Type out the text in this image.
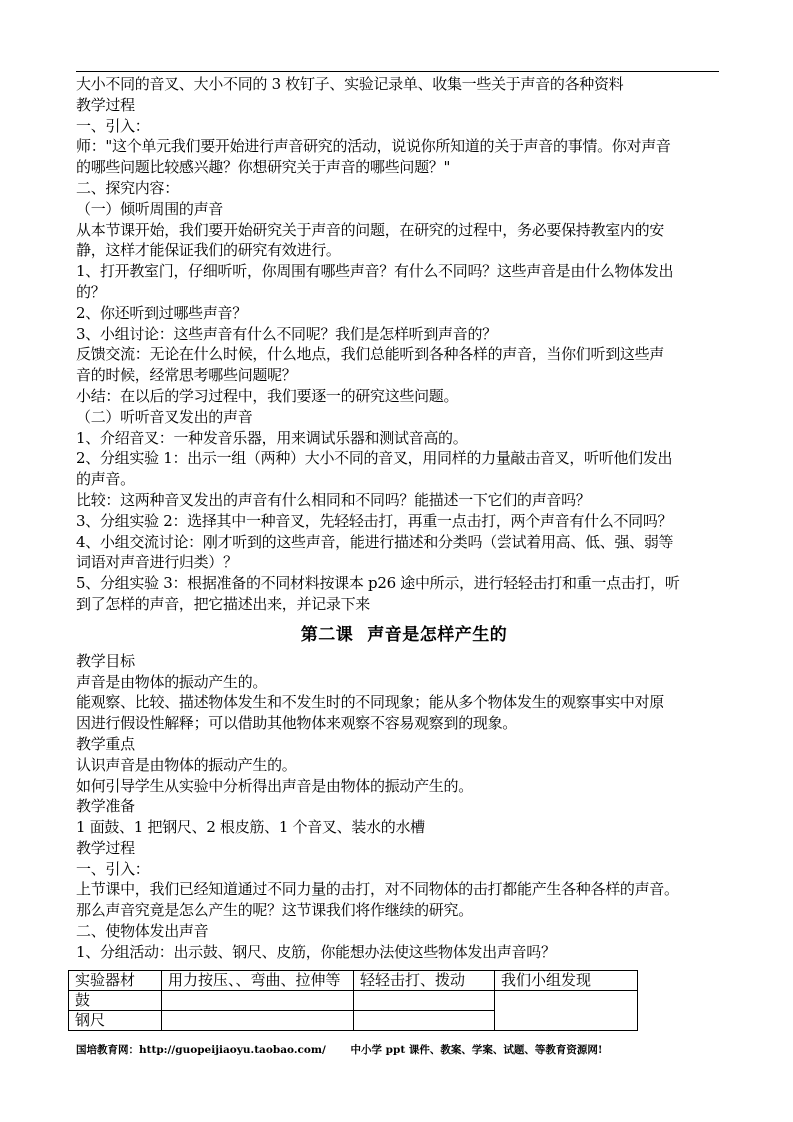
大小不同的音叉、大小不同的 3 枚钉子、实验记录单、收集一些关于声音的各种资料
教学过程
一、引入：
师："这个单元我们要开始进行声音研究的活动，说说你所知道的关于声音的事情。你对声音
的哪些问题比较感兴趣？你想研究关于声音的哪些问题？"
二、探究内容：
（一）倾听周围的声音
从本节课开始，我们要开始研究关于声音的问题，在研究的过程中，务必要保持教室内的安
静，这样才能保证我们的研究有效进行。
1、打开教室门，仔细听听，你周围有哪些声音？有什么不同吗？这些声音是由什么物体发出
的？
2、你还听到过哪些声音？
3、小组讨论：这些声音有什么不同呢？我们是怎样听到声音的？
反馈交流：无论在什么时候，什么地点，我们总能听到各种各样的声音，当你们听到这些声
音的时候，经常思考哪些问题呢？
小结：在以后的学习过程中，我们要逐一的研究这些问题。
（二）听听音叉发出的声音
1、介绍音叉：一种发音乐器，用来调试乐器和测试音高的。
2、分组实验 1：出示一组（两种）大小不同的音叉，用同样的力量敲击音叉，听听他们发出
的声音。
比较：这两种音叉发出的声音有什么相同和不同吗？能描述一下它们的声音吗？
3、分组实验 2：选择其中一种音叉，先轻轻击打，再重一点击打，两个声音有什么不同吗？
4、小组交流讨论：刚才听到的这些声音，能进行描述和分类吗（尝试着用高、低、强、弱等
词语对声音进行归类）？
5、分组实验 3：根据准备的不同材料按课本 p26 途中所示，进行轻轻击打和重一点击打，听
到了怎样的声音，把它描述出来，并记录下来
第二课 声音是怎样产生的
教学目标
声音是由物体的振动产生的。
能观察、比较、描述物体发生和不发生时的不同现象；能从多个物体发生的观察事实中对原
因进行假设性解释；可以借助其他物体来观察不容易观察到的现象。
教学重点
认识声音是由物体的振动产生的。
如何引导学生从实验中分析得出声音是由物体的振动产生的。
教学准备
1 面鼓、1 把钢尺、2 根皮筋、1 个音叉、装水的水槽
教学过程
一、引入：
上节课中，我们已经知道通过不同力量的击打，对不同物体的击打都能产生各种各样的声音。
那么声音究竟是怎么产生的呢？这节课我们将作继续的研究。
二、使物体发出声音
1、分组活动：出示鼓、钢尺、皮筋，你能想办法使这些物体发出声音吗？
实验器材	用力按压、、弯曲、拉伸等	轻轻击打、拨动	我们小组发现
鼓			
钢尺			
国培教育网：http://guopeijiaoyu.taobao.com/ 中小学 ppt 课件、教案、学案、试题、等教育资源网!
